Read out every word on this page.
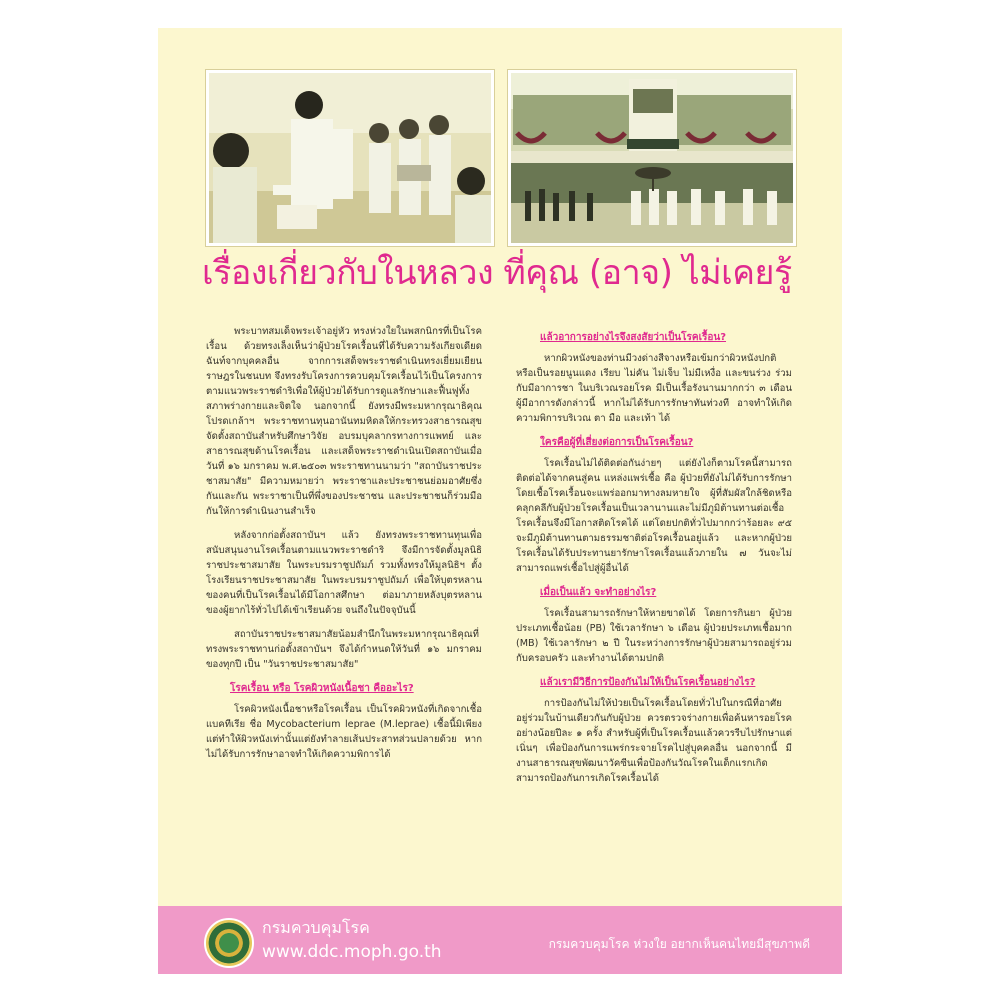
เรื่องเกี่ยวกับในหลวง ที่คุณ (อาจ) ไม่เคยรู้

พระบาทสมเด็จพระเจ้าอยู่หัว ทรงห่วงใยในพสกนิกรที่เป็นโรคเรื้อน ด้วยทรงเล็งเห็นว่าผู้ป่วยโรคเรื้อนที่ได้รับความรังเกียจเดียดฉันท์จากบุคคลอื่น จากการเสด็จพระราชดำเนินทรงเยี่ยมเยียนราษฎรในชนบท จึงทรงรับโครงการควบคุมโรคเรื้อนไว้เป็นโครงการตามแนวพระราชดำริเพื่อให้ผู้ป่วยได้รับการดูแลรักษาและฟื้นฟูทั้งสภาพร่างกายและจิตใจ นอกจากนี้ ยังทรงมีพระมหากรุณาธิคุณโปรดเกล้าฯ พระราชทานทุนอานันทมหิดลให้กระทรวงสาธารณสุขจัดตั้งสถาบันสำหรับศึกษาวิจัย อบรมบุคลากรทางการแพทย์ และสาธารณสุขด้านโรคเรื้อน และเสด็จพระราชดำเนินเปิดสถาบันเมื่อวันที่ ๑๖ มกราคม พ.ศ.๒๕๐๓ พระราชทานนามว่า "สถาบันราชประชาสมาสัย" มีความหมายว่า พระราชาและประชาชนย่อมอาศัยซึ่งกันและกัน พระราชาเป็นที่พึ่งของประชาชน และประชาชนก็ร่วมมือกันให้การดำเนินงานสำเร็จ

หลังจากก่อตั้งสถาบันฯ แล้ว ยังทรงพระราชทานทุนเพื่อสนับสนุนงานโรคเรื้อนตามแนวพระราชดำริ จึงมีการจัดตั้งมูลนิธิราชประชาสมาสัย ในพระบรมราชูปถัมภ์ รวมทั้งทรงให้มูลนิธิฯ ตั้งโรงเรียนราชประชาสมาสัย ในพระบรมราชูปถัมภ์ เพื่อให้บุตรหลานของคนที่เป็นโรคเรื้อนได้มีโอกาสศึกษา ต่อมาภายหลังบุตรหลานของผู้ยากไร้ทั่วไปได้เข้าเรียนด้วย จนถึงในปัจจุบันนี้

สถาบันราชประชาสมาสัยน้อมสำนึกในพระมหากรุณาธิคุณที่ทรงพระราชทานก่อตั้งสถาบันฯ จึงได้กำหนดให้วันที่ ๑๖ มกราคม ของทุกปี เป็น "วันราชประชาสมาสัย"

โรคเรื้อน หรือ โรคผิวหนังเนื้อชา คืออะไร?

โรคผิวหนังเนื้อชาหรือโรคเรื้อน เป็นโรคผิวหนังที่เกิดจากเชื้อแบคทีเรีย ชื่อ Mycobacterium leprae (M.leprae) เชื้อนี้มิเพียงแต่ทำให้ผิวหนังเท่านั้นแต่ยังทำลายเส้นประสาทส่วนปลายด้วย หากไม่ได้รับการรักษาอาจทำให้เกิดความพิการได้

แล้วอาการอย่างไรจึงสงสัยว่าเป็นโรคเรื้อน?

หากผิวหนังของท่านมีวงด่างสีจางหรือเข้มกว่าผิวหนังปกติ หรือเป็นรอยนูนแดง เรียบ ไม่คัน ไม่เจ็บ ไม่มีเหงื่อ และขนร่วง ร่วมกับมีอาการชา ในบริเวณรอยโรค มีเป็นเรื้อรังนานมากกว่า ๓ เดือน ผู้มีอาการดังกล่าวนี้ หากไม่ได้รับการรักษาทันท่วงที อาจทำให้เกิดความพิการบริเวณ ตา มือ และเท้า ได้

ใครคือผู้ที่เสี่ยงต่อการเป็นโรคเรื้อน?

โรคเรื้อนไม่ได้ติดต่อกันง่ายๆ แต่ยังไงก็ตามโรคนี้สามารถติดต่อได้จากคนสู่คน แหล่งแพร่เชื้อ คือ ผู้ป่วยที่ยังไม่ได้รับการรักษาโดยเชื้อโรคเรื้อนจะแพร่ออกมาทางลมหายใจ ผู้ที่สัมผัสใกล้ชิดหรือคลุกคลีกับผู้ป่วยโรคเรื้อนเป็นเวลานานและไม่มีภูมิต้านทานต่อเชื้อโรคเรื้อนจึงมีโอกาสติดโรคได้ แต่โดยปกติทั่วไปมากกว่าร้อยละ ๙๕ จะมีภูมิต้านทานตามธรรมชาติต่อโรคเรื้อนอยู่แล้ว และหากผู้ป่วยโรคเรื้อนได้รับประทานยารักษาโรคเรื้อนแล้วภายใน ๗ วันจะไม่สามารถแพร่เชื้อไปสู่ผู้อื่นได้

เมื่อเป็นแล้ว จะทำอย่างไร?

โรคเรื้อนสามารถรักษาให้หายขาดได้ โดยการกินยา ผู้ป่วยประเภทเชื้อน้อย (PB) ใช้เวลารักษา ๖ เดือน ผู้ป่วยประเภทเชื้อมาก (MB) ใช้เวลารักษา ๒ ปี ในระหว่างการรักษาผู้ป่วยสามารถอยู่ร่วมกับครอบครัว และทำงานได้ตามปกติ

แล้วเรามีวิธีการป้องกันไม่ให้เป็นโรคเรื้อนอย่างไร?

การป้องกันไม่ให้ป่วยเป็นโรคเรื้อนโดยทั่วไปในกรณีที่อาศัยอยู่ร่วมในบ้านเดียวกันกับผู้ป่วย ควรตรวจร่างกายเพื่อค้นหารอยโรค อย่างน้อยปีละ ๑ ครั้ง สำหรับผู้ที่เป็นโรคเรื้อนแล้วควรรีบไปรักษาแต่เนิ่นๆ เพื่อป้องกันการแพร่กระจายโรคไปสู่บุคคลอื่น นอกจากนี้ มีงานสาธารณสุขพัฒนาวัคซีนเพื่อป้องกันวัณโรคในเด็กแรกเกิดสามารถป้องกันการเกิดโรคเรื้อนได้

กรมควบคุมโรค
www.ddc.moph.go.th	กรมควบคุมโรค ห่วงใย อยากเห็นคนไทยมีสุขภาพดี
